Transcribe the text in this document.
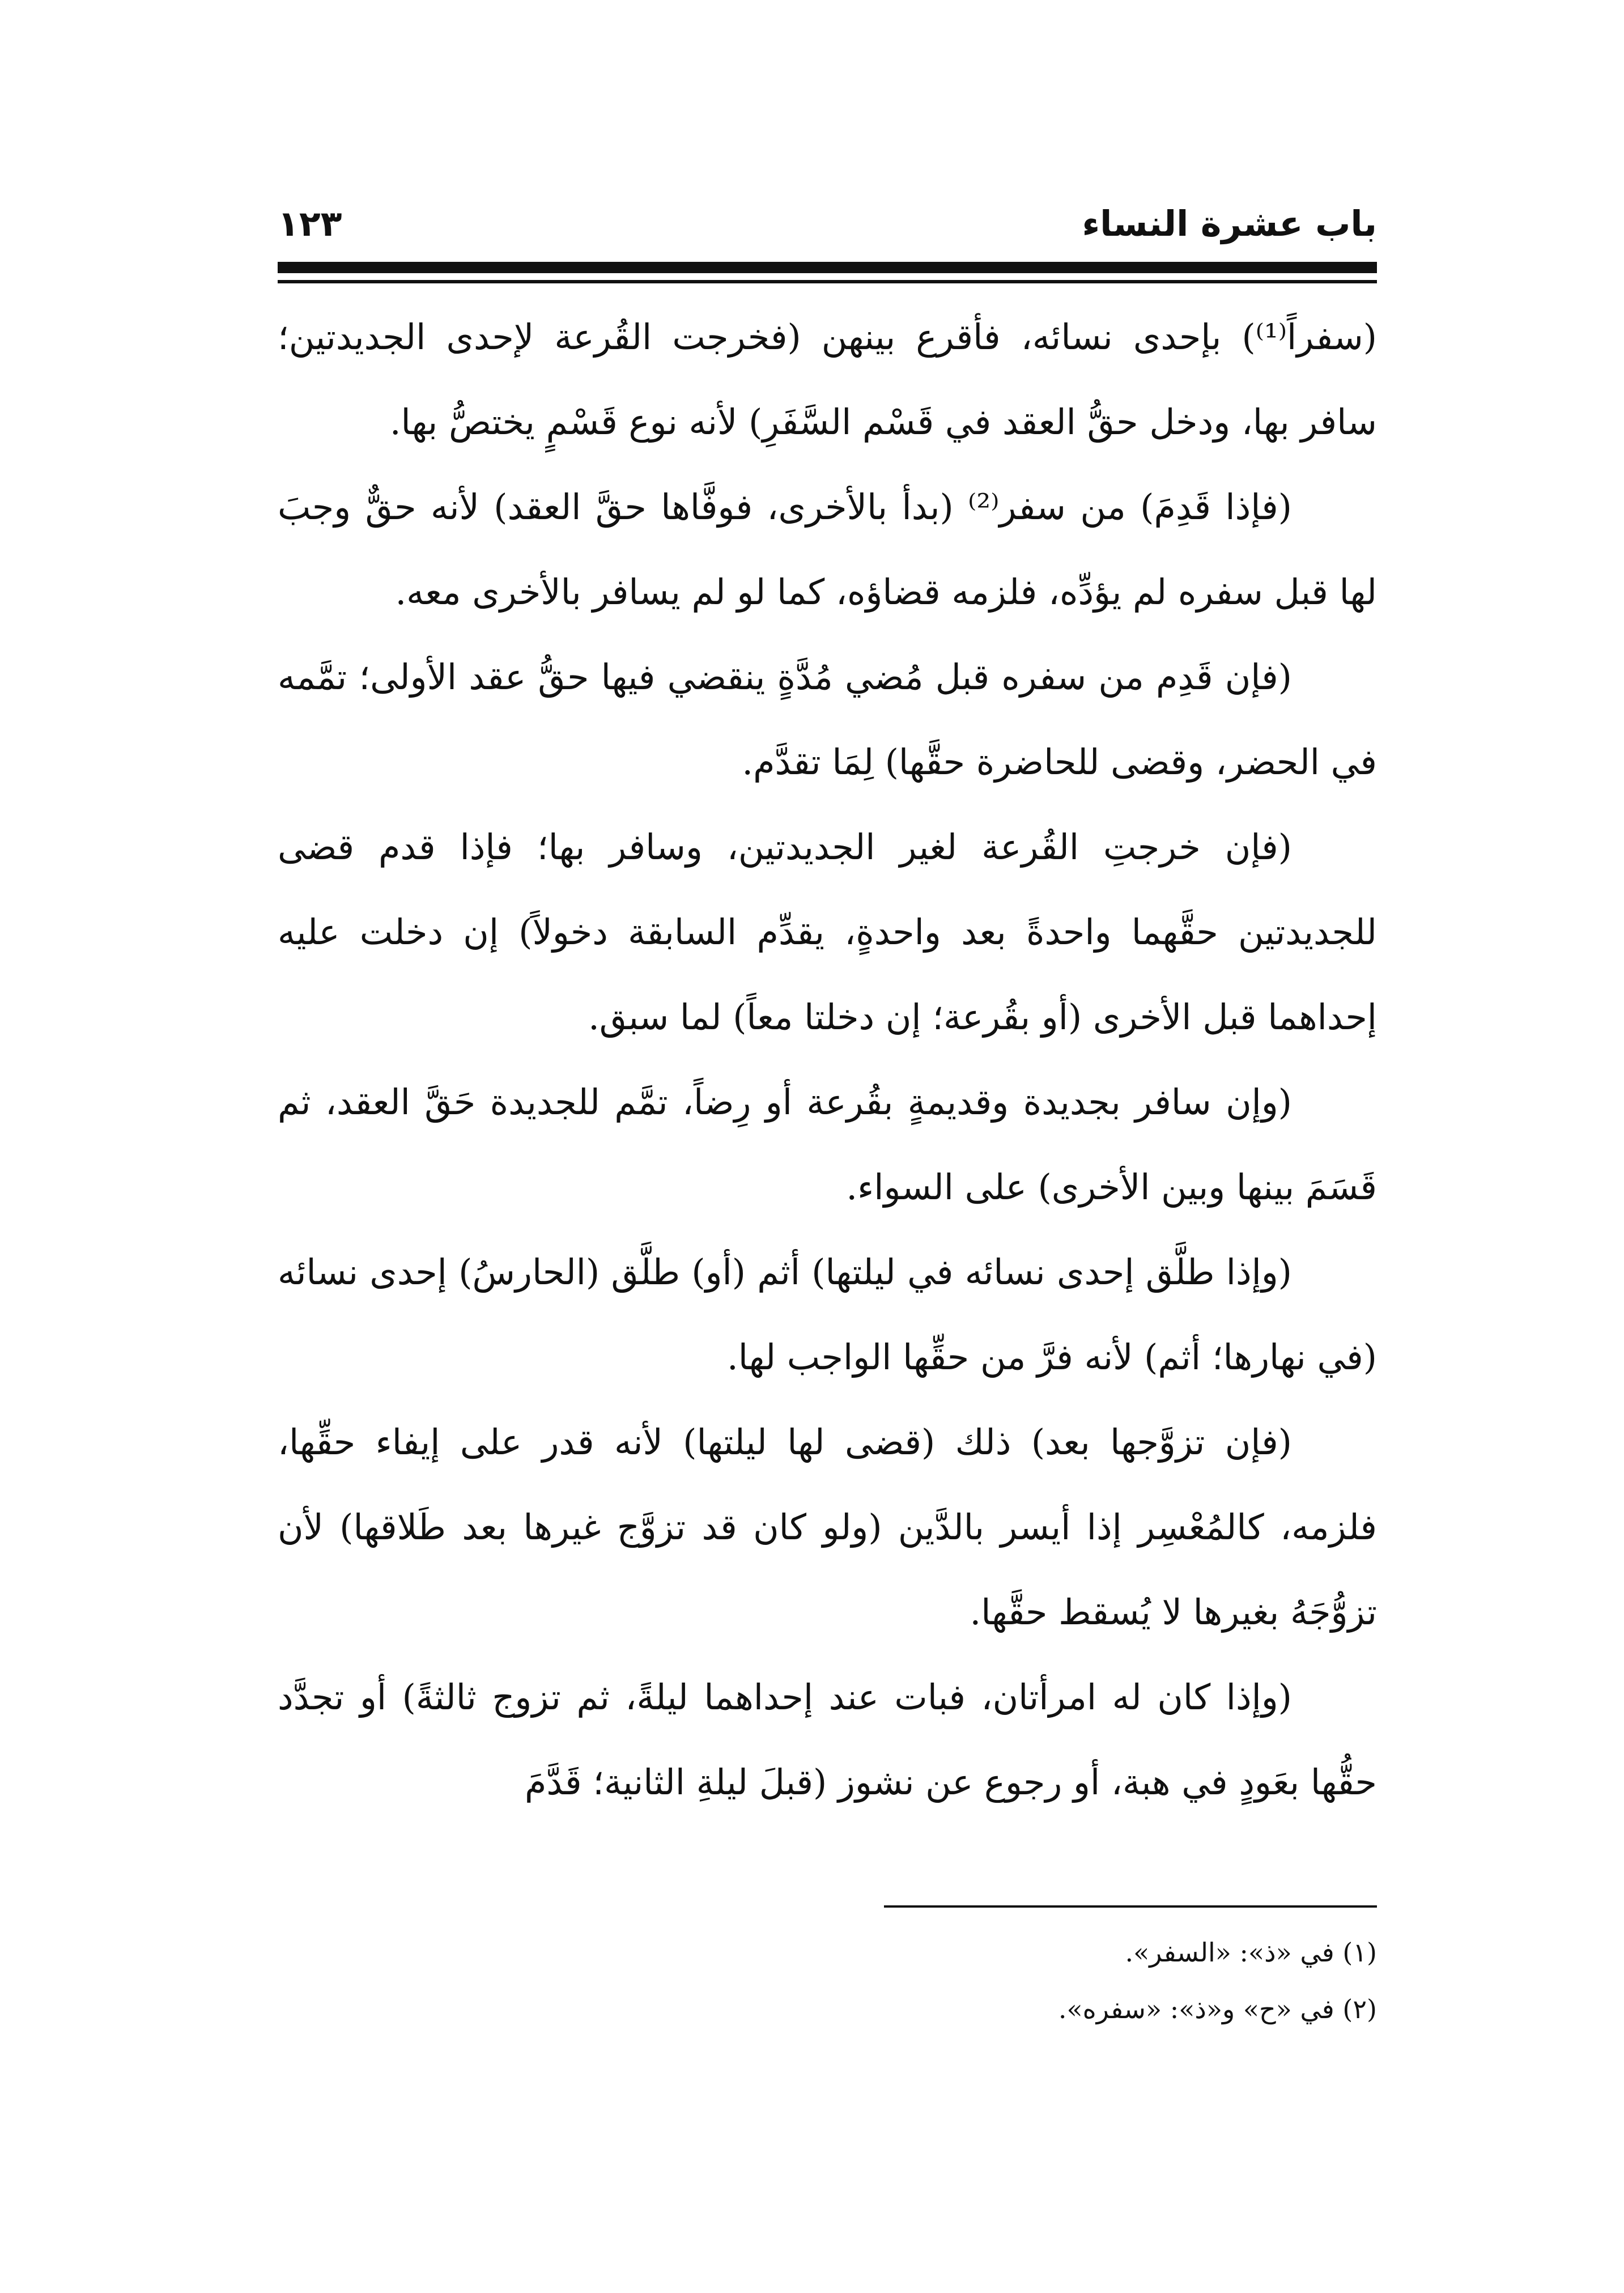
باب عشرة النساء
١٢٣

(سفراً⁽¹⁾) بإحدى نسائه، فأقرع بينهن (فخرجت القُرعة لإحدى الجديدتين؛ سافر بها، ودخل حقُّ العقد في قَسْم السَّفَرِ) لأنه نوع قَسْمٍ يختصُّ بها.

(فإذا قَدِمَ) من سفر⁽²⁾ (بدأ بالأخرى، فوفَّاها حقَّ العقد) لأنه حقٌّ وجبَ لها قبل سفره لم يؤدِّه، فلزمه قضاؤه، كما لو لم يسافر بالأخرى معه.

(فإن قَدِم من سفره قبل مُضي مُدَّةٍ ينقضي فيها حقُّ عقد الأولى؛ تمَّمه في الحضر، وقضى للحاضرة حقَّها) لِمَا تقدَّم.

(فإن خرجتِ القُرعة لغير الجديدتين، وسافر بها؛ فإذا قدم قضى للجديدتين حقَّهما واحدةً بعد واحدةٍ، يقدِّم السابقة دخولاً) إن دخلت عليه إحداهما قبل الأخرى (أو بقُرعة؛ إن دخلتا معاً) لما سبق.

(وإن سافر بجديدة وقديمةٍ بقُرعة أو رِضاً، تمَّم للجديدة حَقَّ العقد، ثم قَسَمَ بينها وبين الأخرى) على السواء.

(وإذا طلَّق إحدى نسائه في ليلتها) أثم (أو) طلَّق (الحارسُ) إحدى نسائه (في نهارها؛ أثم) لأنه فرَّ من حقِّها الواجب لها.

(فإن تزوَّجها بعد) ذلك (قضى لها ليلتها) لأنه قدر على إيفاء حقِّها، فلزمه، كالمُعْسِر إذا أيسر بالدَّين (ولو كان قد تزوَّج غيرها بعد طَلاقها) لأن تزوُّجَهُ بغيرها لا يُسقط حقَّها.

(وإذا كان له امرأتان، فبات عند إحداهما ليلةً، ثم تزوج ثالثةً) أو تجدَّد حقُّها بعَودٍ في هبة، أو رجوع عن نشوز (قبلَ ليلةِ الثانية؛ قَدَّمَ

(١) في «ذ»: «السفر».
(٢) في «ح» و«ذ»: «سفره».
